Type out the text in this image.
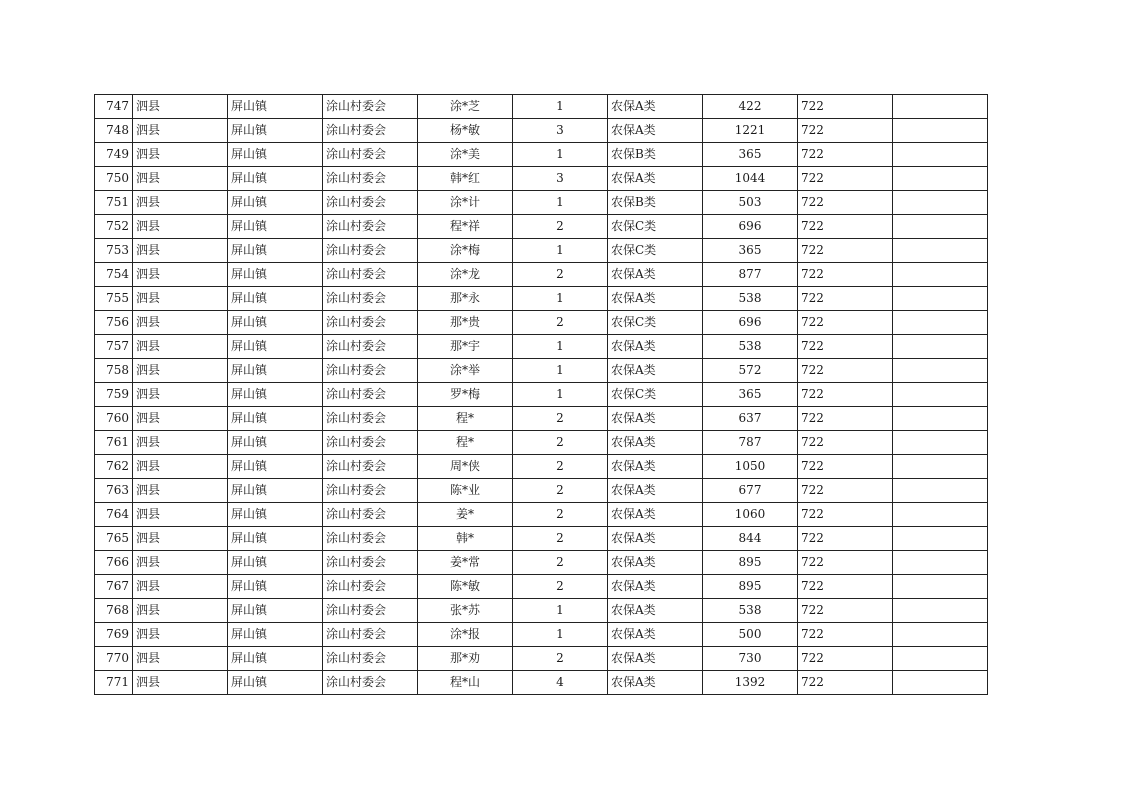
747	泗县	屏山镇	涂山村委会	涂*芝	1	农保A类	422	722	
748	泗县	屏山镇	涂山村委会	杨*敏	3	农保A类	1221	722	
749	泗县	屏山镇	涂山村委会	涂*美	1	农保B类	365	722	
750	泗县	屏山镇	涂山村委会	韩*红	3	农保A类	1044	722	
751	泗县	屏山镇	涂山村委会	涂*计	1	农保B类	503	722	
752	泗县	屏山镇	涂山村委会	程*祥	2	农保C类	696	722	
753	泗县	屏山镇	涂山村委会	涂*梅	1	农保C类	365	722	
754	泗县	屏山镇	涂山村委会	涂*龙	2	农保A类	877	722	
755	泗县	屏山镇	涂山村委会	那*永	1	农保A类	538	722	
756	泗县	屏山镇	涂山村委会	那*贵	2	农保C类	696	722	
757	泗县	屏山镇	涂山村委会	那*宇	1	农保A类	538	722	
758	泗县	屏山镇	涂山村委会	涂*举	1	农保A类	572	722	
759	泗县	屏山镇	涂山村委会	罗*梅	1	农保C类	365	722	
760	泗县	屏山镇	涂山村委会	程*	2	农保A类	637	722	
761	泗县	屏山镇	涂山村委会	程*	2	农保A类	787	722	
762	泗县	屏山镇	涂山村委会	周*侠	2	农保A类	1050	722	
763	泗县	屏山镇	涂山村委会	陈*业	2	农保A类	677	722	
764	泗县	屏山镇	涂山村委会	姜*	2	农保A类	1060	722	
765	泗县	屏山镇	涂山村委会	韩*	2	农保A类	844	722	
766	泗县	屏山镇	涂山村委会	姜*常	2	农保A类	895	722	
767	泗县	屏山镇	涂山村委会	陈*敏	2	农保A类	895	722	
768	泗县	屏山镇	涂山村委会	张*苏	1	农保A类	538	722	
769	泗县	屏山镇	涂山村委会	涂*报	1	农保A类	500	722	
770	泗县	屏山镇	涂山村委会	那*劝	2	农保A类	730	722	
771	泗县	屏山镇	涂山村委会	程*山	4	农保A类	1392	722	
